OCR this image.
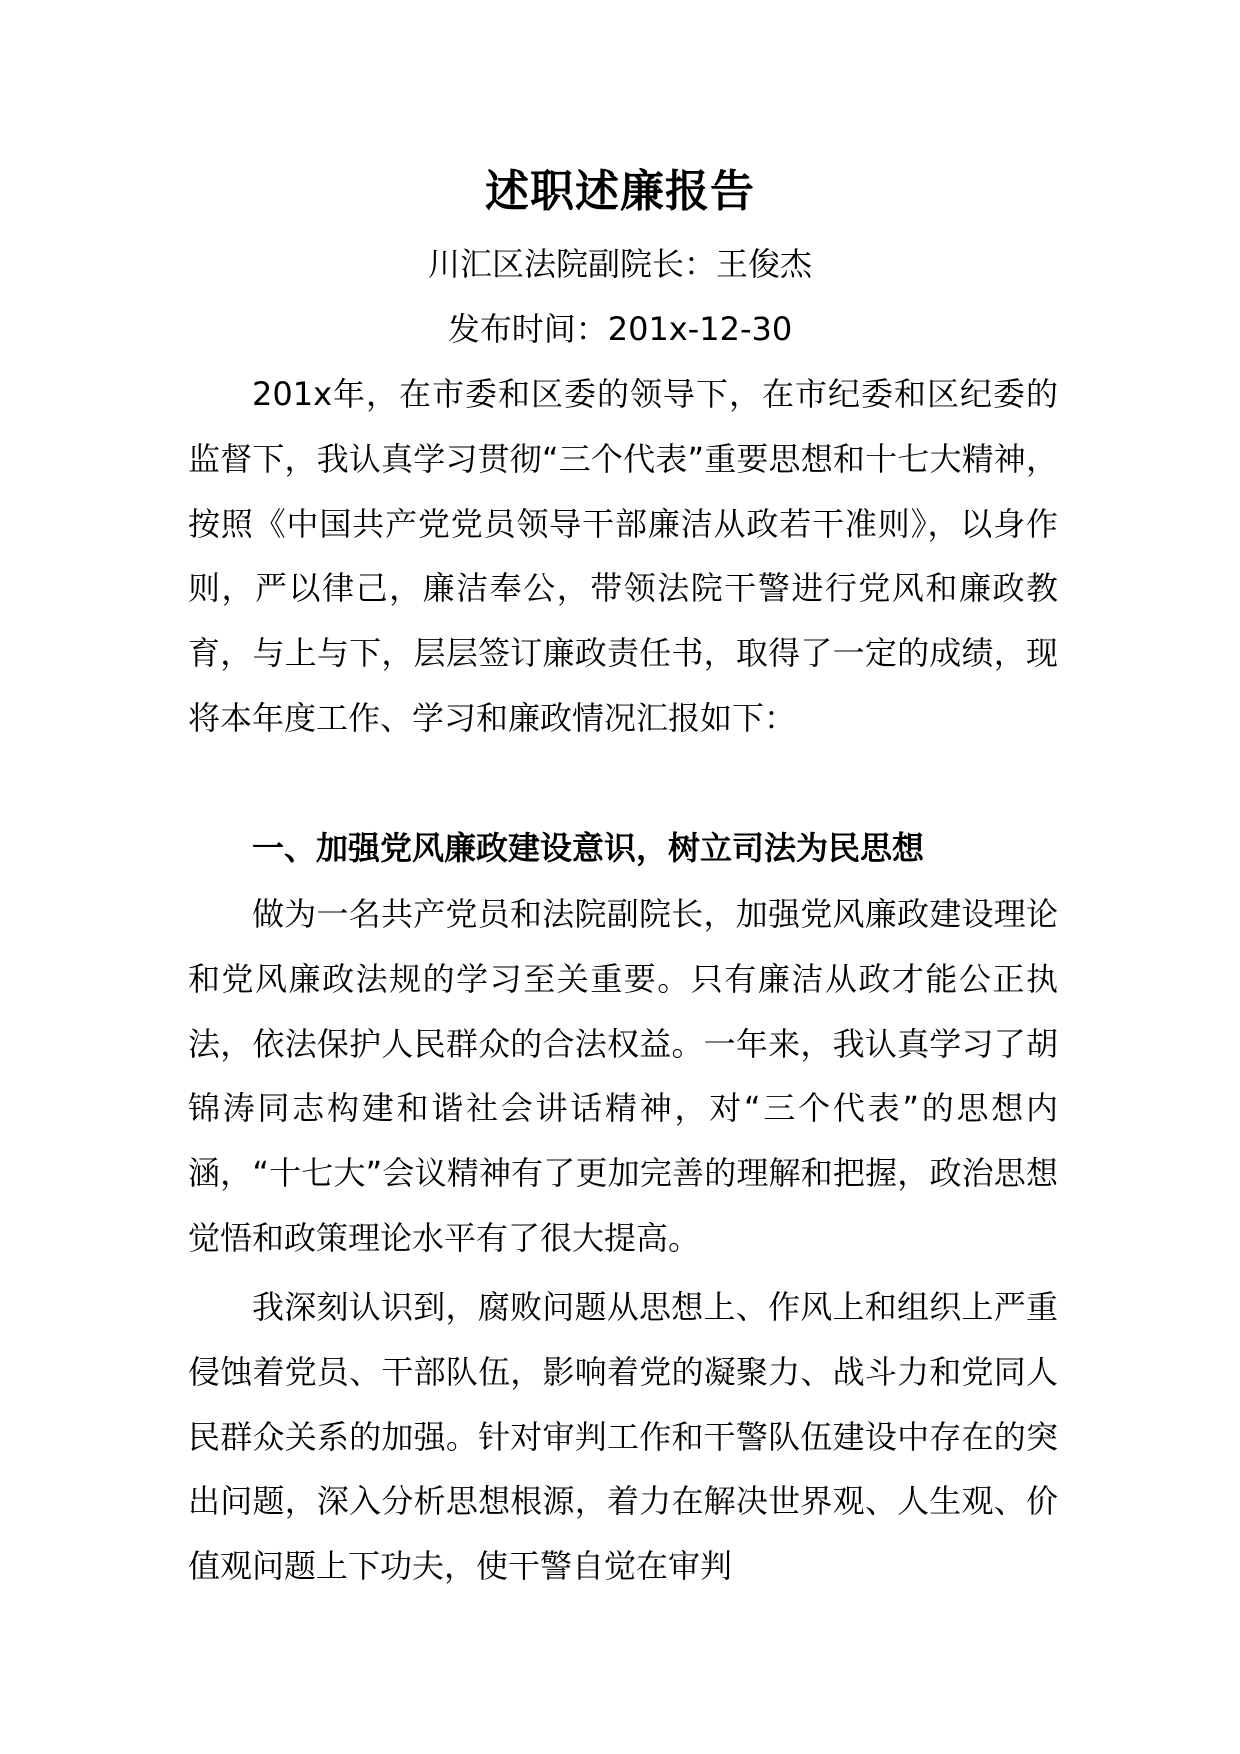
述职述廉报告
川汇区法院副院长：王俊杰
发布时间：201x-12-30

201x年，在市委和区委的领导下，在市纪委和区纪委的监督下，我认真学习贯彻“三个代表”重要思想和十七大精神，按照《中国共产党党员领导干部廉洁从政若干准则》，以身作则，严以律己，廉洁奉公，带领法院干警进行党风和廉政教育，与上与下，层层签订廉政责任书，取得了一定的成绩，现将本年度工作、学习和廉政情况汇报如下：

一、加强党风廉政建设意识，树立司法为民思想

做为一名共产党员和法院副院长，加强党风廉政建设理论和党风廉政法规的学习至关重要。只有廉洁从政才能公正执法，依法保护人民群众的合法权益。一年来，我认真学习了胡锦涛同志构建和谐社会讲话精神，对“三个代表”的思想内涵，“十七大”会议精神有了更加完善的理解和把握，政治思想觉悟和政策理论水平有了很大提高。

我深刻认识到，腐败问题从思想上、作风上和组织上严重侵蚀着党员、干部队伍，影响着党的凝聚力、战斗力和党同人民群众关系的加强。针对审判工作和干警队伍建设中存在的突出问题，深入分析思想根源，着力在解决世界观、人生观、价值观问题上下功夫，使干警自觉在审判
